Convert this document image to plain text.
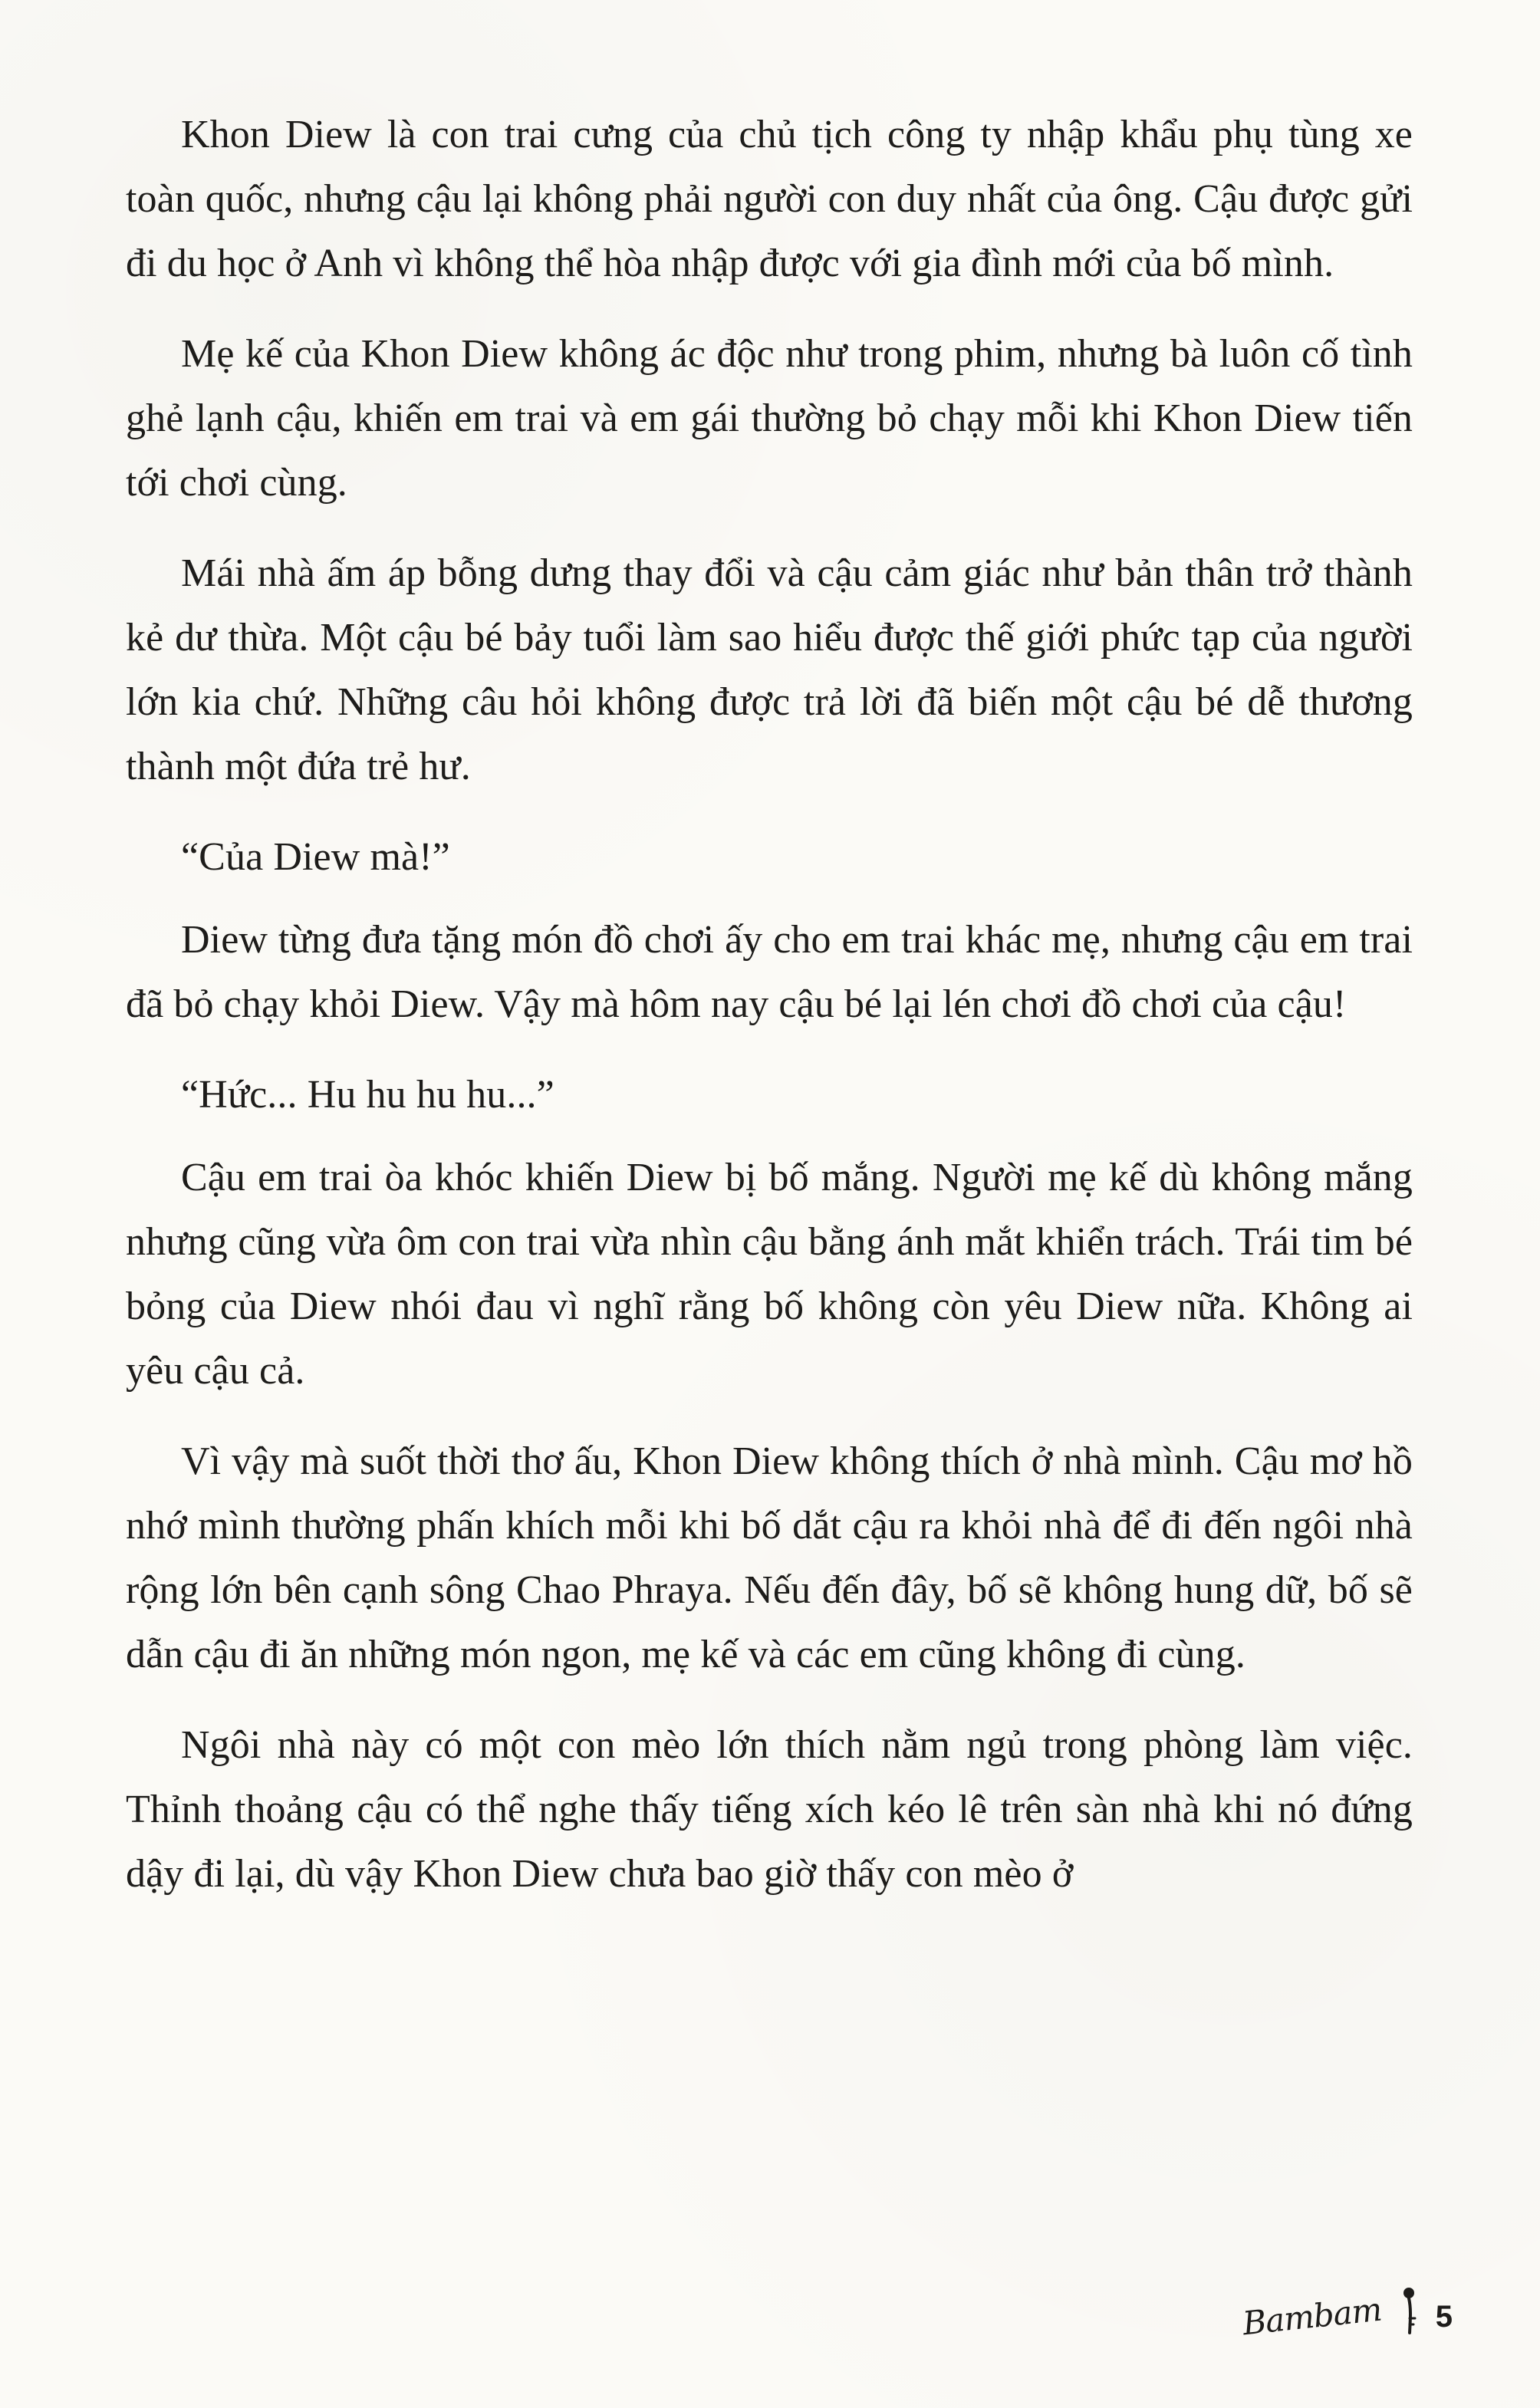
Khon Diew là con trai cưng của chủ tịch công ty nhập khẩu phụ tùng xe toàn quốc, nhưng cậu lại không phải người con duy nhất của ông. Cậu được gửi đi du học ở Anh vì không thể hòa nhập được với gia đình mới của bố mình.

Mẹ kế của Khon Diew không ác độc như trong phim, nhưng bà luôn cố tình ghẻ lạnh cậu, khiến em trai và em gái thường bỏ chạy mỗi khi Khon Diew tiến tới chơi cùng.

Mái nhà ấm áp bỗng dưng thay đổi và cậu cảm giác như bản thân trở thành kẻ dư thừa. Một cậu bé bảy tuổi làm sao hiểu được thế giới phức tạp của người lớn kia chứ. Những câu hỏi không được trả lời đã biến một cậu bé dễ thương thành một đứa trẻ hư.

“Của Diew mà!”

Diew từng đưa tặng món đồ chơi ấy cho em trai khác mẹ, nhưng cậu em trai đã bỏ chạy khỏi Diew. Vậy mà hôm nay cậu bé lại lén chơi đồ chơi của cậu!

“Hức... Hu hu hu hu...”

Cậu em trai òa khóc khiến Diew bị bố mắng. Người mẹ kế dù không mắng nhưng cũng vừa ôm con trai vừa nhìn cậu bằng ánh mắt khiển trách. Trái tim bé bỏng của Diew nhói đau vì nghĩ rằng bố không còn yêu Diew nữa. Không ai yêu cậu cả.

Vì vậy mà suốt thời thơ ấu, Khon Diew không thích ở nhà mình. Cậu mơ hồ nhớ mình thường phấn khích mỗi khi bố dắt cậu ra khỏi nhà để đi đến ngôi nhà rộng lớn bên cạnh sông Chao Phraya. Nếu đến đây, bố sẽ không hung dữ, bố sẽ dẫn cậu đi ăn những món ngon, mẹ kế và các em cũng không đi cùng.

Ngôi nhà này có một con mèo lớn thích nằm ngủ trong phòng làm việc. Thỉnh thoảng cậu có thể nghe thấy tiếng xích kéo lê trên sàn nhà khi nó đứng dậy đi lại, dù vậy Khon Diew chưa bao giờ thấy con mèo ở

Bambam 5
